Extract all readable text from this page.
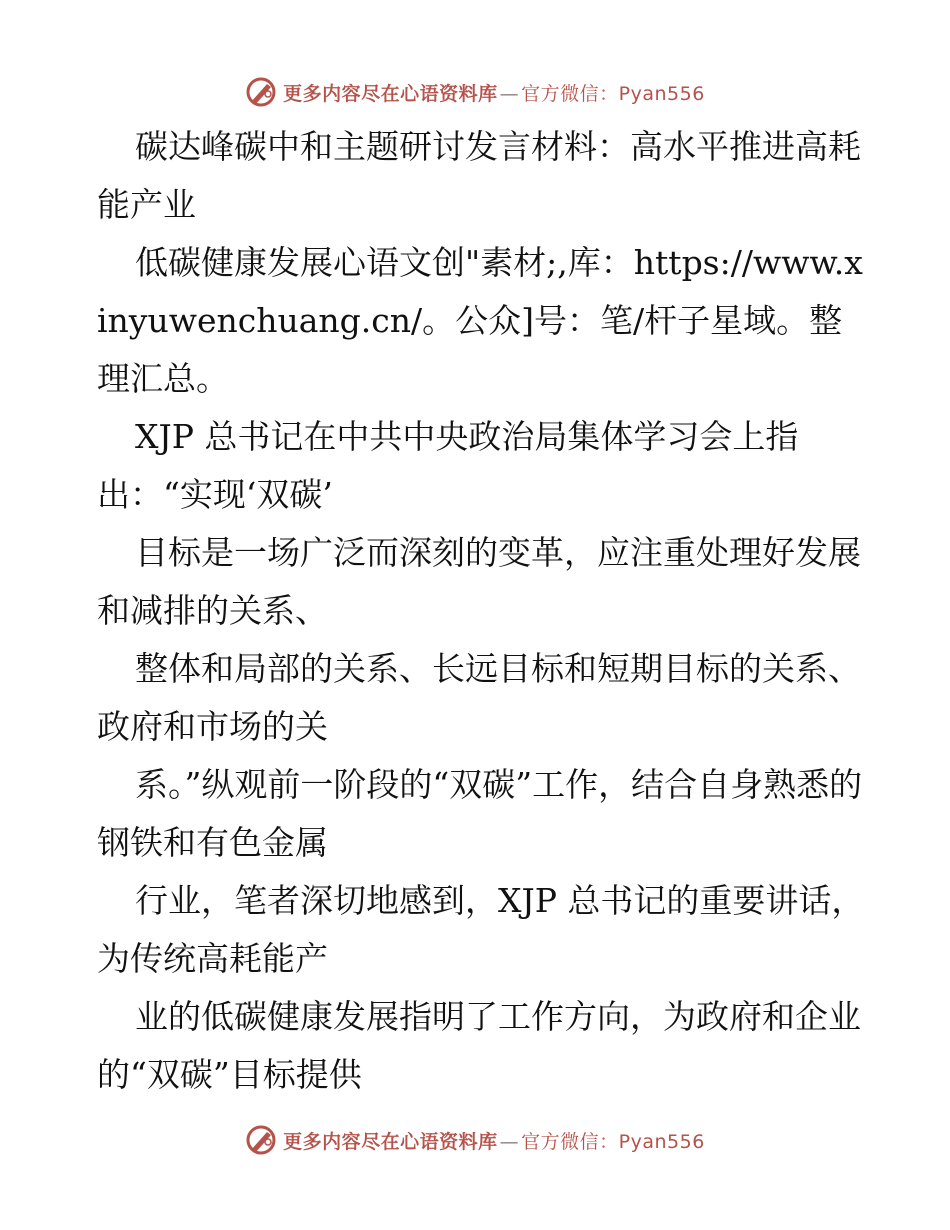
更多内容尽在心语资料库 — 官方微信：Pyan556

碳达峰碳中和主题研讨发言材料：高水平推进高耗能产业

低碳健康发展心语文创"素材;,库：https://www.xinyuwenchuang.cn/。公众]号：笔/杆子星域。整理汇总。

XJP 总书记在中共中央政治局集体学习会上指出：“实现‘双碳’

目标是一场广泛而深刻的变革，应注重处理好发展和减排的关系、

整体和局部的关系、长远目标和短期目标的关系、政府和市场的关

系。”纵观前一阶段的“双碳”工作，结合自身熟悉的钢铁和有色金属

行业，笔者深切地感到，XJP 总书记的重要讲话，为传统高耗能产

业的低碳健康发展指明了工作方向，为政府和企业的“双碳”目标提供

更多内容尽在心语资料库 — 官方微信：Pyan556
